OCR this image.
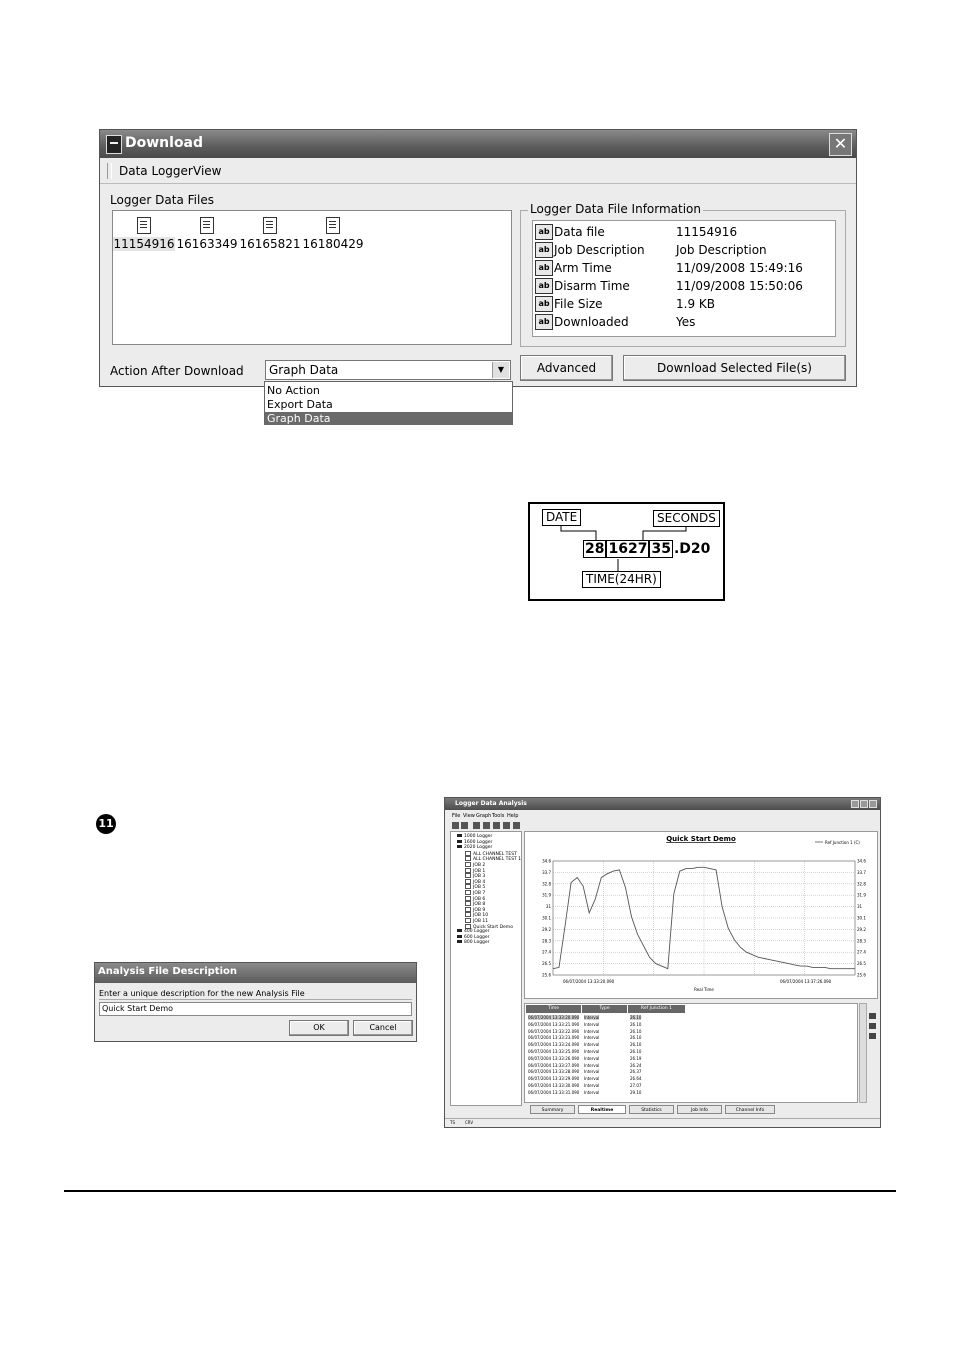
Download	✕
Data Logger View
Logger Data Files
11154916 16163349 16165821 16180429
Logger Data File Information
ab Data file	11154916
ab Job Description	Job Description
ab Arm Time	11/09/2008 15:49:16
ab Disarm Time	11/09/2008 15:50:06
ab File Size	1.9 KB
ab Downloaded	Yes
Action After Download Graph Data	▼	Advanced	Download Selected File(s)
No Action
Export Data
Graph Data
DATE	SECONDS
28 1627 35 .D20
TIME(24HR)
11
Analysis File Description
Enter a unique description for the new Analysis File
Quick Start Demo
OK	Cancel
Logger Data Analysis
File View Graph Tools Help
1000 Logger
1600 Logger
2020 Logger
ALL CHANNEL TEST
ALL CHANNEL TEST 1
JOB 2
JOB 1
JOB 3
JOB 4
JOB 5
JOB 7
JOB 6
JOB 8
JOB 9
JOB 10
JOB 11
Quick Start Demo
400 Logger
600 Logger
800 Logger
Quick Start Demo	Ref Junction 1 (C)
25.6	25.6
26.5	26.5
27.4	27.4
28.3	28.3
29.2	29.2
30.1	30.1
31	31
31.9	31.9
32.8	32.8
33.7	33.7
34.6	34.6
06/07/2004 13:33:20.090	06/07/2004 13:37:26.090
Real Time
Time	Type	Ref Junction 1
06/07/2004 13:33:20.090 Interval	26.10
06/07/2004 13:33:21.090 Interval	26.10
06/07/2004 13:33:22.090 Interval	26.10
06/07/2004 13:33:23.090 Interval	26.10
06/07/2004 13:33:24.090 Interval	26.10
06/07/2004 13:33:25.090 Interval	26.10
06/07/2004 13:33:26.090 Interval	26.19
06/07/2004 13:33:27.090 Interval	26.24
06/07/2004 13:33:28.090 Interval	26.37
06/07/2004 13:33:29.090 Interval	26.64
06/07/2004 13:33:30.090 Interval	27.07
06/07/2004 13:33:31.090 Interval	29.10
Summary	Realtime	Statistics	Job Info	Channel Info
TS	CRV
